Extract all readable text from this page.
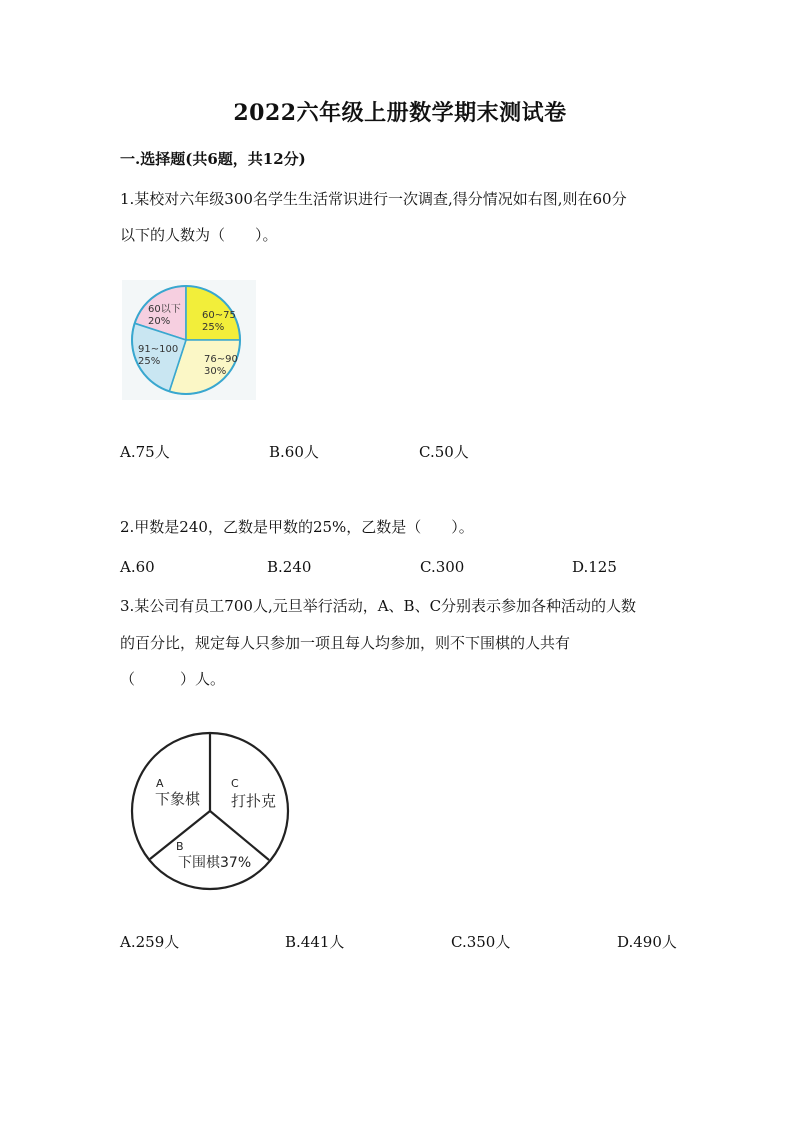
2022六年级上册数学期末测试卷
一.选择题(共6题，共12分)
1.某校对六年级300名学生生活常识进行一次调查,得分情况如右图,则在60分
以下的人数为（　　）。
60以下
20%
60~75
25%
76~90
30%
91~100
25%
A.75人	B.60人	C.50人
2.甲数是240，乙数是甲数的25%，乙数是（　　）。
A.60	B.240	C.300	D.125
3.某公司有员工700人,元旦举行活动，A、B、C分别表示参加各种活动的人数
的百分比，规定每人只参加一项且每人均参加，则不下围棋的人共有
（　　　）人。
A
下象棋
C
打扑克
B
下围棋37%
A.259人	B.441人	C.350人	D.490人
